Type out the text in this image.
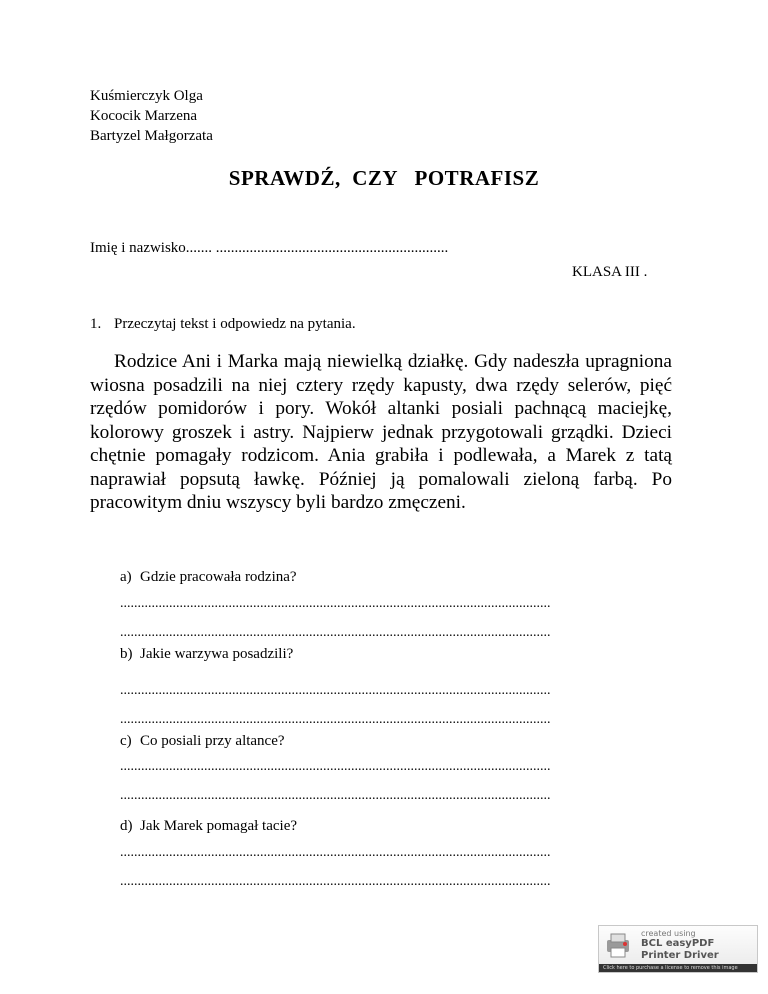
Kuśmierczyk Olga
Kococik Marzena
Bartyzel Małgorzata
SPRAWDŹ,  CZY   POTRAFISZ
Imię i nazwisko....... ..............................................................
KLASA III .
1. Przeczytaj tekst i odpowiedz na pytania.
Rodzice Ani i Marka mają niewielką działkę. Gdy nadeszła upragniona wiosna posadzili na niej cztery rzędy kapusty, dwa rzędy selerów, pięć rzędów pomidorów i pory. Wokół altanki posiali pachnącą maciejkę, kolorowy groszek i astry. Najpierw jednak przygotowali grządki. Dzieci chętnie pomagały rodzicom. Ania grabiła i podlewała, a Marek z tatą naprawiał popsutą ławkę. Później ją pomalowali zieloną farbą. Po pracowitym dniu wszyscy byli bardzo zmęczeni.
a) Gdzie pracowała rodzina?
...........................................................................................................................
...........................................................................................................................
b) Jakie warzywa posadzili?
...........................................................................................................................
...........................................................................................................................
c) Co posiali przy altance?
...........................................................................................................................
...........................................................................................................................
d) Jak Marek pomagał tacie?
...........................................................................................................................
...........................................................................................................................
created using
BCL easyPDF
Printer Driver
Click here to purchase a license to remove this image
